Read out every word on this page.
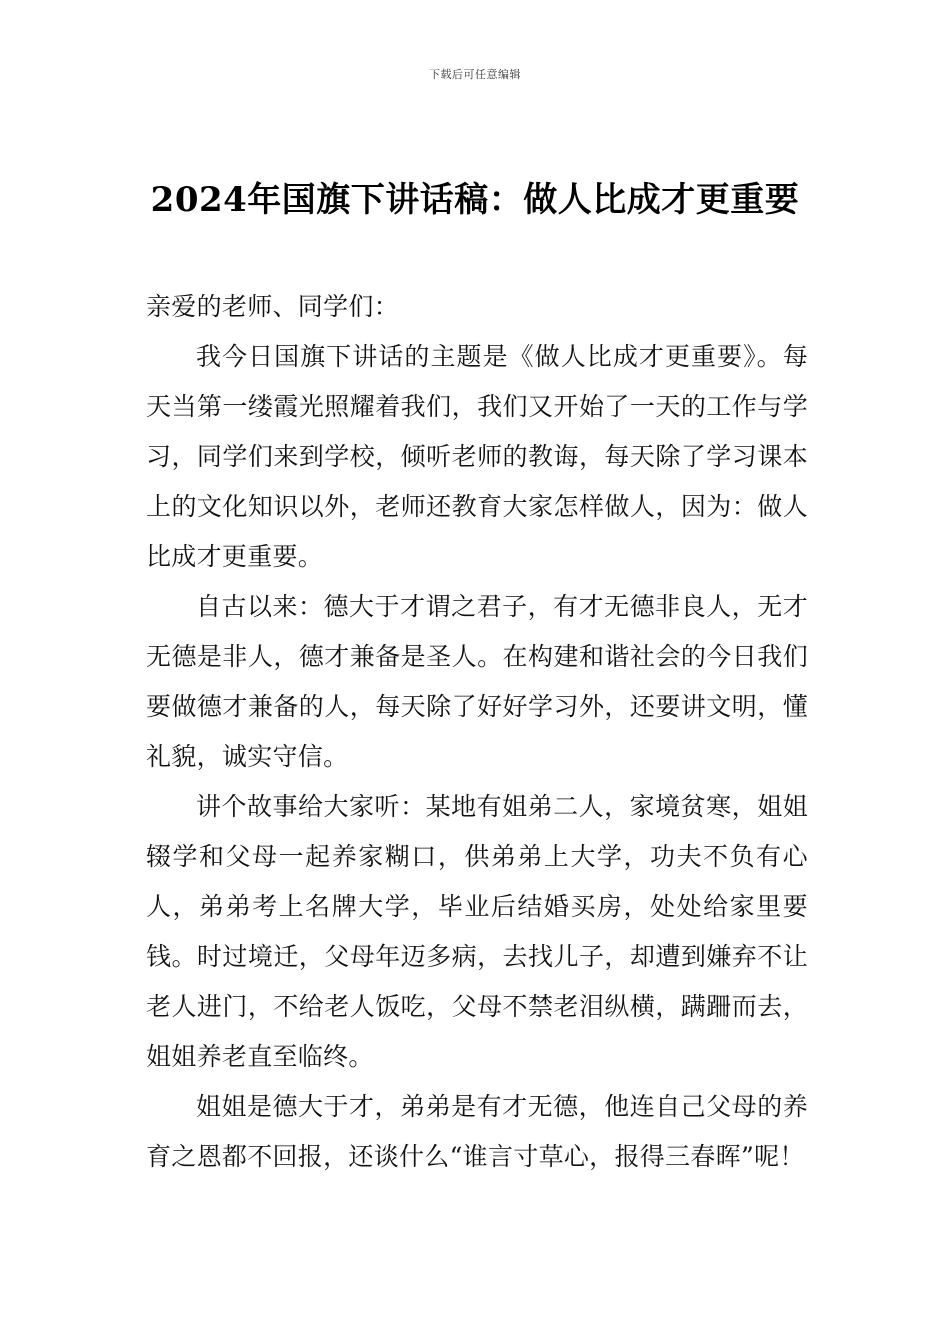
下载后可任意编辑
2024年国旗下讲话稿：做人比成才更重要

亲爱的老师、同学们：

我今日国旗下讲话的主题是《做人比成才更重要》。每天当第一缕霞光照耀着我们，我们又开始了一天的工作与学习，同学们来到学校，倾听老师的教诲，每天除了学习课本上的文化知识以外，老师还教育大家怎样做人，因为：做人比成才更重要。

自古以来：德大于才谓之君子，有才无德非良人，无才无德是非人，德才兼备是圣人。在构建和谐社会的今日我们要做德才兼备的人，每天除了好好学习外，还要讲文明，懂礼貌，诚实守信。

讲个故事给大家听：某地有姐弟二人，家境贫寒，姐姐辍学和父母一起养家糊口，供弟弟上大学，功夫不负有心人，弟弟考上名牌大学，毕业后结婚买房，处处给家里要钱。时过境迁，父母年迈多病，去找儿子，却遭到嫌弃不让老人进门，不给老人饭吃，父母不禁老泪纵横，蹒跚而去，姐姐养老直至临终。

姐姐是德大于才，弟弟是有才无德，他连自己父母的养育之恩都不回报，还谈什么“谁言寸草心，报得三春晖”呢！
